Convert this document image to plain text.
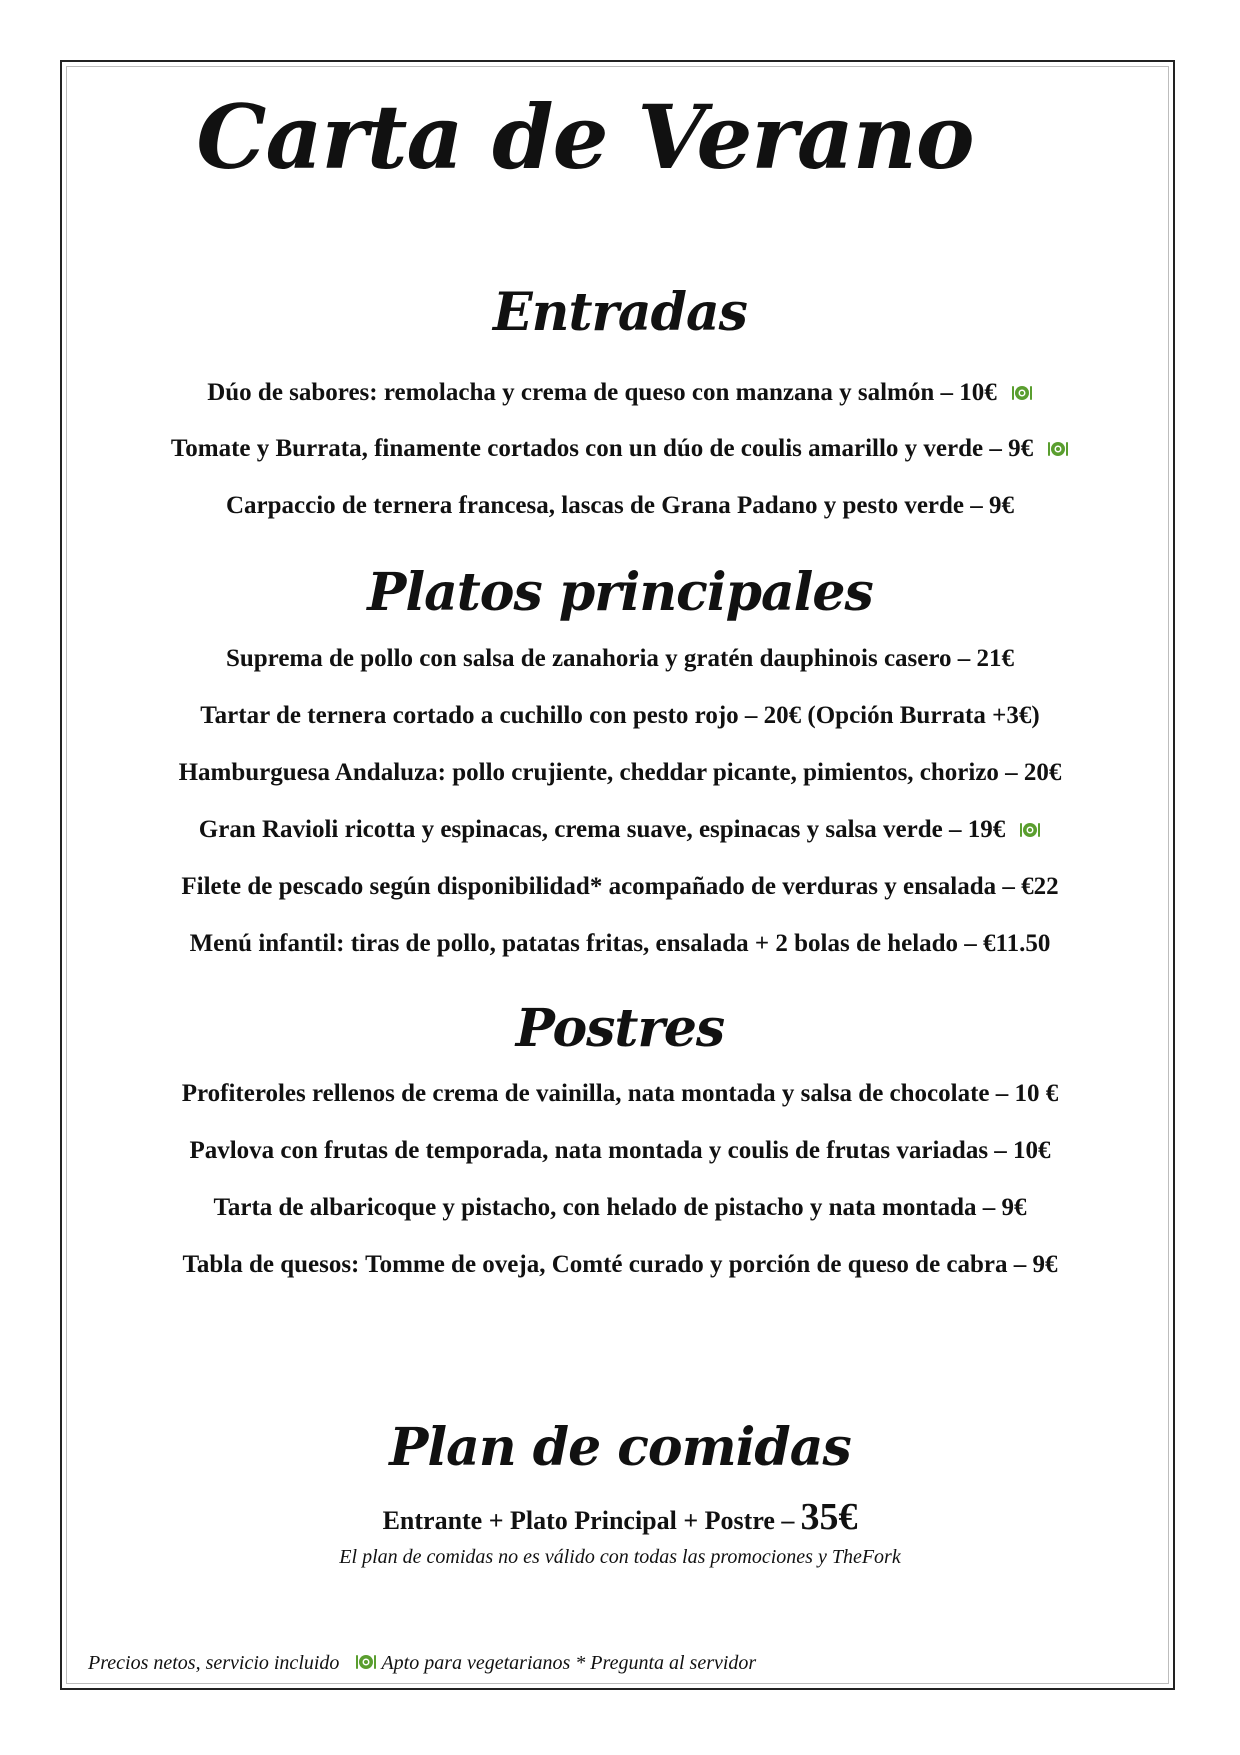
Carta de Verano
Entradas

Dúo de sabores: remolacha y crema de queso con manzana y salmón – 10€

Tomate y Burrata, finamente cortados con un dúo de coulis amarillo y verde – 9€

Carpaccio de ternera francesa, lascas de Grana Padano y pesto verde – 9€

Platos principales

Suprema de pollo con salsa de zanahoria y gratén dauphinois casero – 21€

Tartar de ternera cortado a cuchillo con pesto rojo – 20€ (Opción Burrata +3€)

Hamburguesa Andaluza: pollo crujiente, cheddar picante, pimientos, chorizo – 20€

Gran Ravioli ricotta y espinacas, crema suave, espinacas y salsa verde – 19€

Filete de pescado según disponibilidad* acompañado de verduras y ensalada – €22

Menú infantil: tiras de pollo, patatas fritas, ensalada + 2 bolas de helado – €11.50

Postres

Profiteroles rellenos de crema de vainilla, nata montada y salsa de chocolate – 10 €

Pavlova con frutas de temporada, nata montada y coulis de frutas variadas – 10€

Tarta de albaricoque y pistacho, con helado de pistacho y nata montada – 9€

Tabla de quesos: Tomme de oveja, Comté curado y porción de queso de cabra – 9€

Plan de comidas
Entrante + Plato Principal + Postre – 35€
El plan de comidas no es válido con todas las promociones y TheFork
Precios netos, servicio incluido Apto para vegetarianos * Pregunta al servidor
